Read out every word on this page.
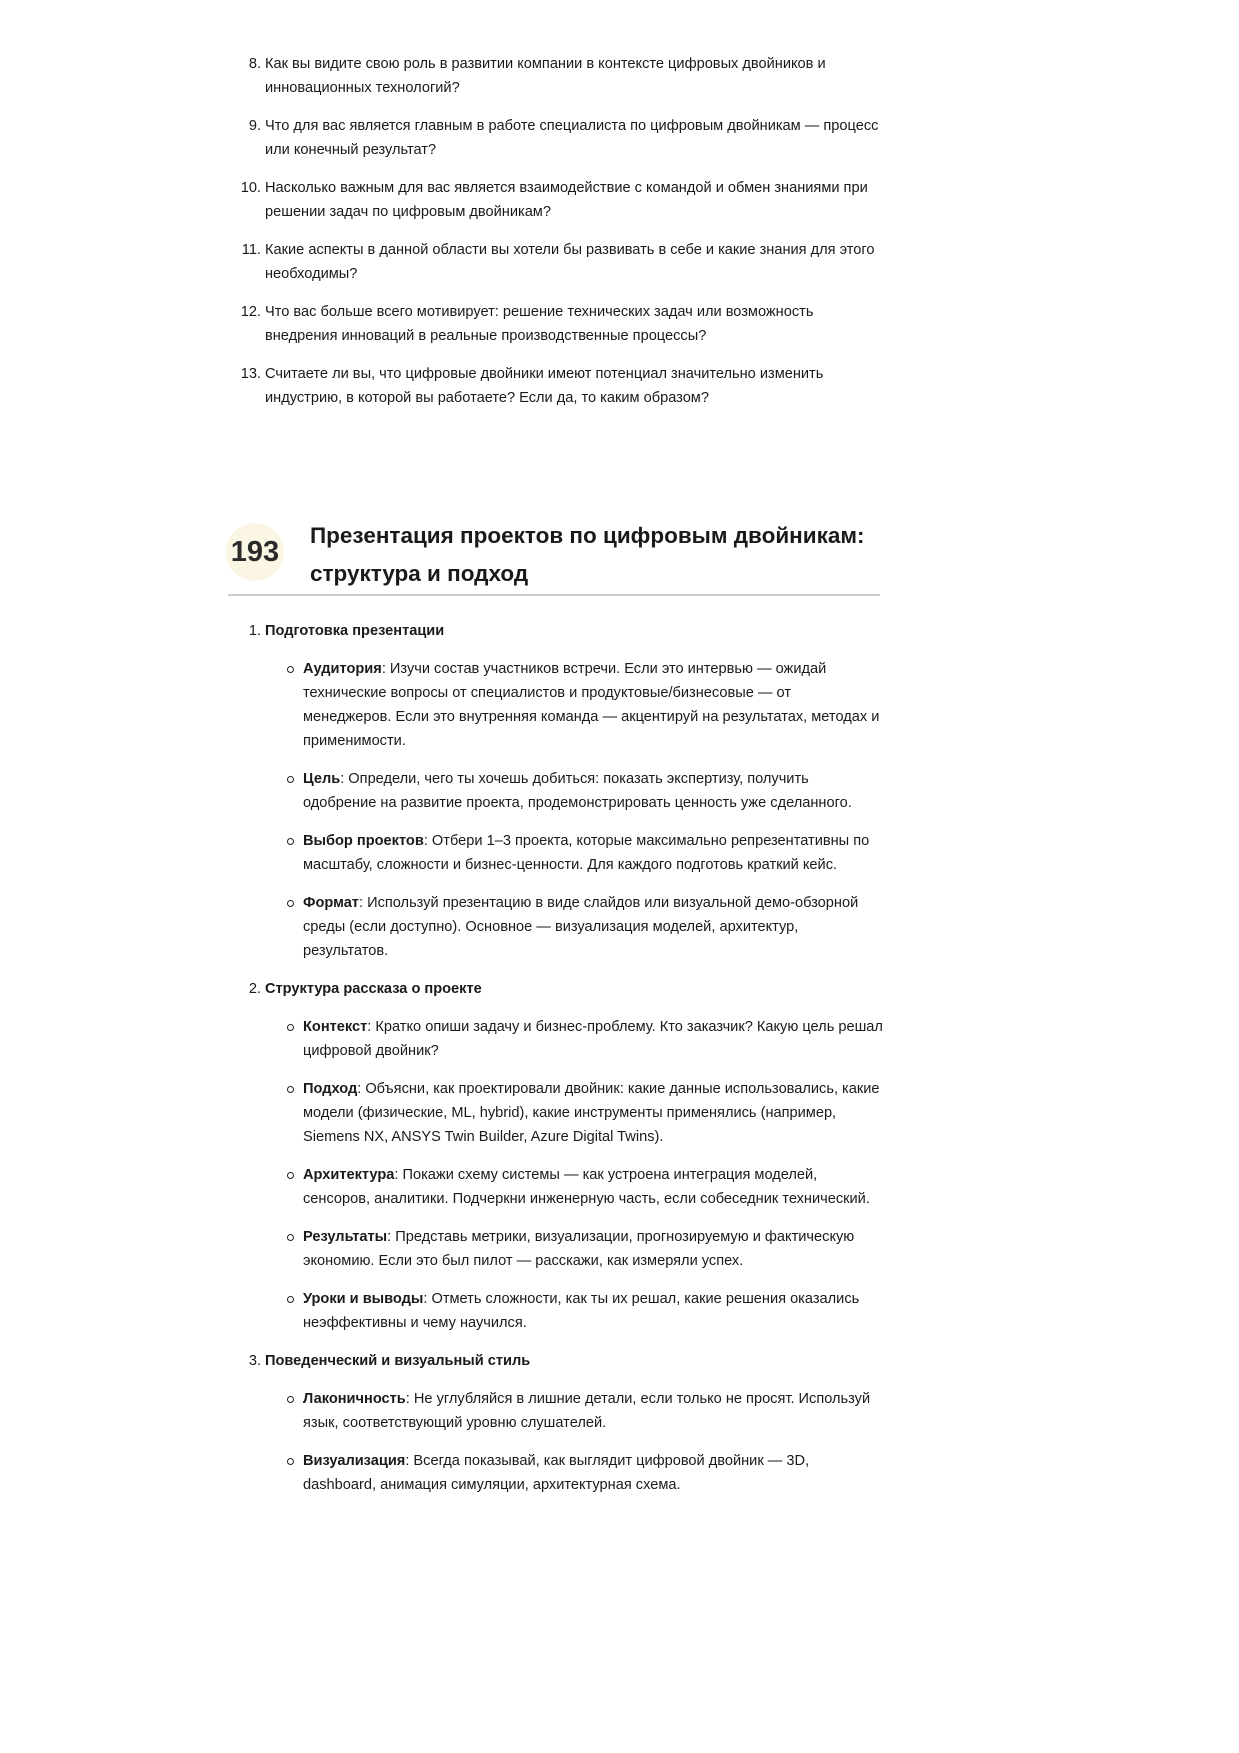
8. Как вы видите свою роль в развитии компании в контексте цифровых двойников и инновационных технологий?
9. Что для вас является главным в работе специалиста по цифровым двойникам — процесс или конечный результат?
10. Насколько важным для вас является взаимодействие с командой и обмен знаниями при решении задач по цифровым двойникам?
11. Какие аспекты в данной области вы хотели бы развивать в себе и какие знания для этого необходимы?
12. Что вас больше всего мотивирует: решение технических задач или возможность внедрения инноваций в реальные производственные процессы?
13. Считаете ли вы, что цифровые двойники имеют потенциал значительно изменить индустрию, в которой вы работаете? Если да, то каким образом?
193
Презентация проектов по цифровым двойникам: структура и подход
1. Подготовка презентации
Аудитория: Изучи состав участников встречи. Если это интервью — ожидай технические вопросы от специалистов и продуктовые/бизнесовые — от менеджеров. Если это внутренняя команда — акцентируй на результатах, методах и применимости.
Цель: Определи, чего ты хочешь добиться: показать экспертизу, получить одобрение на развитие проекта, продемонстрировать ценность уже сделанного.
Выбор проектов: Отбери 1–3 проекта, которые максимально репрезентативны по масштабу, сложности и бизнес-ценности. Для каждого подготовь краткий кейс.
Формат: Используй презентацию в виде слайдов или визуальной демо-обзорной среды (если доступно). Основное — визуализация моделей, архитектур, результатов.
2. Структура рассказа о проекте
Контекст: Кратко опиши задачу и бизнес-проблему. Кто заказчик? Какую цель решал цифровой двойник?
Подход: Объясни, как проектировали двойник: какие данные использовались, какие модели (физические, ML, hybrid), какие инструменты применялись (например, Siemens NX, ANSYS Twin Builder, Azure Digital Twins).
Архитектура: Покажи схему системы — как устроена интеграция моделей, сенсоров, аналитики. Подчеркни инженерную часть, если собеседник технический.
Результаты: Представь метрики, визуализации, прогнозируемую и фактическую экономию. Если это был пилот — расскажи, как измеряли успех.
Уроки и выводы: Отметь сложности, как ты их решал, какие решения оказались неэффективны и чему научился.
3. Поведенческий и визуальный стиль
Лаконичность: Не углубляйся в лишние детали, если только не просят. Используй язык, соответствующий уровню слушателей.
Визуализация: Всегда показывай, как выглядит цифровой двойник — 3D, dashboard, анимация симуляции, архитектурная схема.
